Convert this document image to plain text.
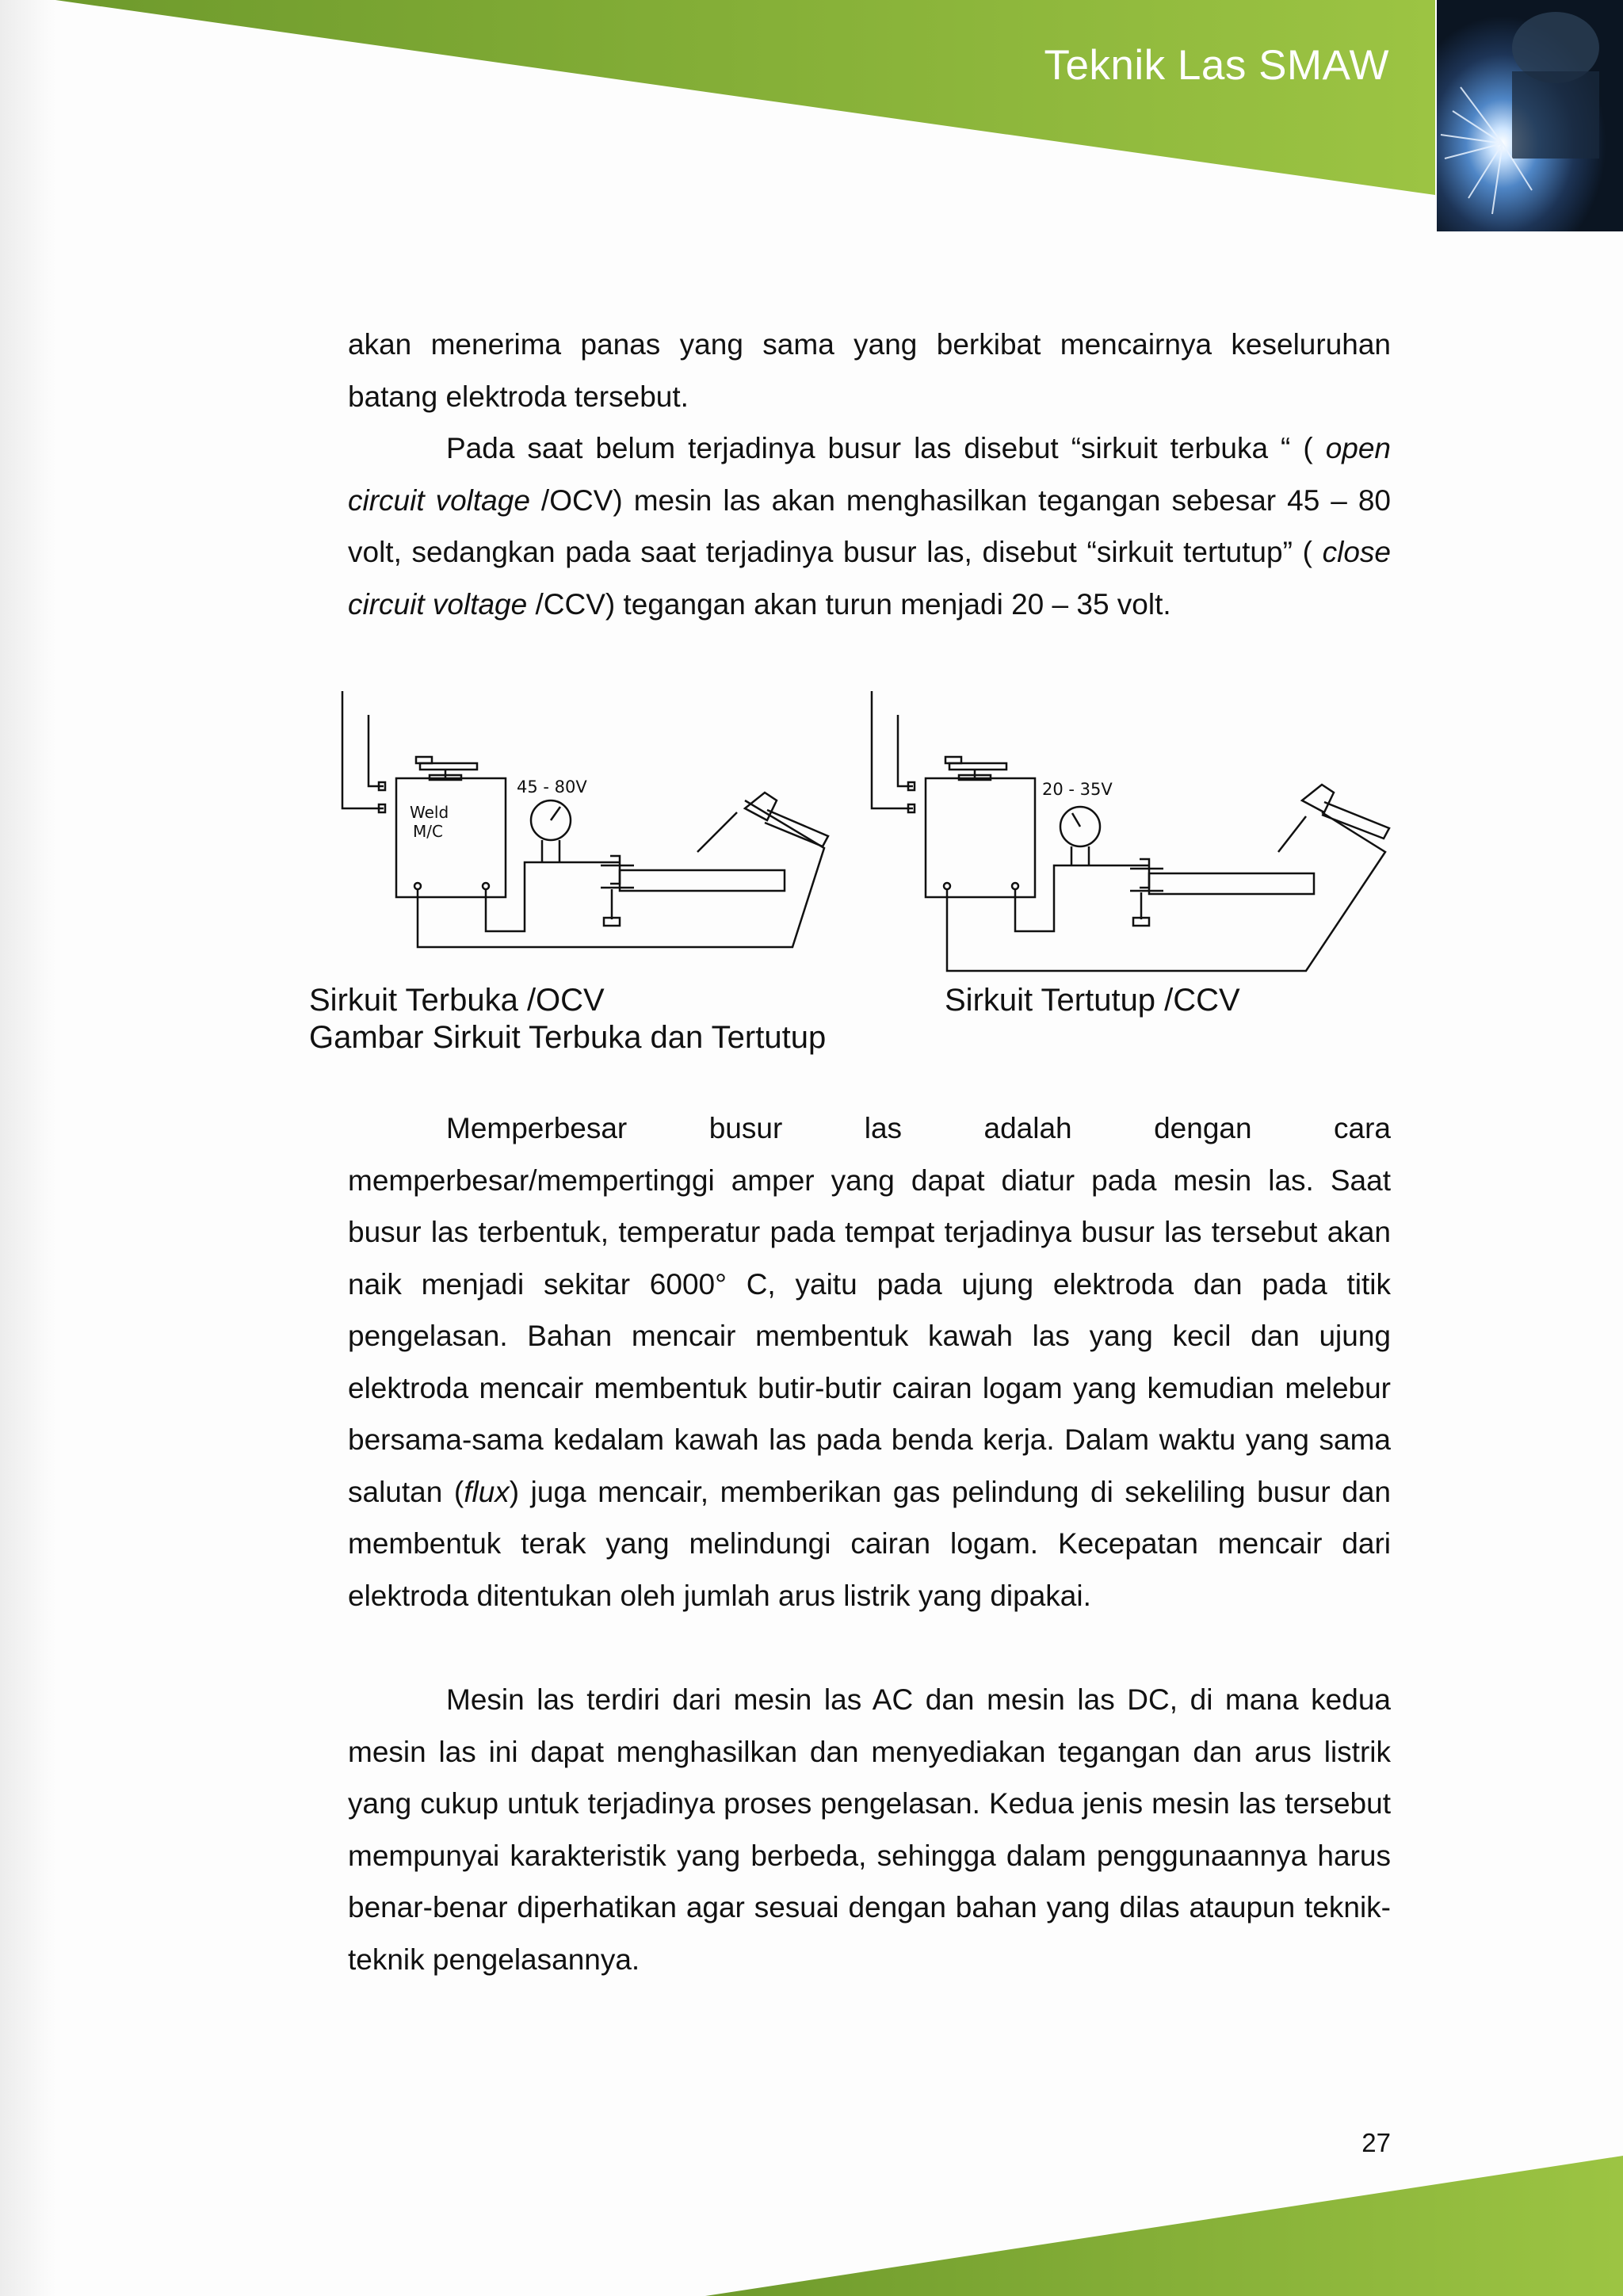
Teknik Las SMAW

akan menerima panas yang sama yang berkibat mencairnya keseluruhan batang elektroda tersebut.

Pada saat belum terjadinya busur las disebut “sirkuit terbuka “ ( open circuit voltage /OCV) mesin las akan menghasilkan tegangan sebesar 45 – 80 volt, sedangkan pada saat terjadinya busur las, disebut “sirkuit tertutup” ( close circuit voltage /CCV) tegangan akan turun menjadi 20 – 35 volt.

Weld
M/C
45 - 80V	20 - 35V
Sirkuit Terbuka /OCV	Sirkuit Tertutup /CCV
Gambar Sirkuit Terbuka dan Tertutup

Memperbesar busur las adalah dengan cara
memperbesar/mempertinggi amper yang dapat diatur pada mesin las. Saat busur las terbentuk, temperatur pada tempat terjadinya busur las tersebut akan naik menjadi sekitar 6000° C, yaitu pada ujung elektroda dan pada titik pengelasan. Bahan mencair membentuk kawah las yang kecil dan ujung elektroda mencair membentuk butir-butir cairan logam yang kemudian melebur bersama-sama kedalam kawah las pada benda kerja. Dalam waktu yang sama salutan (flux) juga mencair, memberikan gas pelindung di sekeliling busur dan membentuk terak yang melindungi cairan logam. Kecepatan mencair dari elektroda ditentukan oleh jumlah arus listrik yang dipakai.

Mesin las terdiri dari mesin las AC dan mesin las DC, di mana kedua mesin las ini dapat menghasilkan dan menyediakan tegangan dan arus listrik yang cukup untuk terjadinya proses pengelasan. Kedua jenis mesin las tersebut mempunyai karakteristik yang berbeda, sehingga dalam penggunaannya harus benar-benar diperhatikan agar sesuai dengan bahan yang dilas ataupun teknik-teknik pengelasannya.

27
